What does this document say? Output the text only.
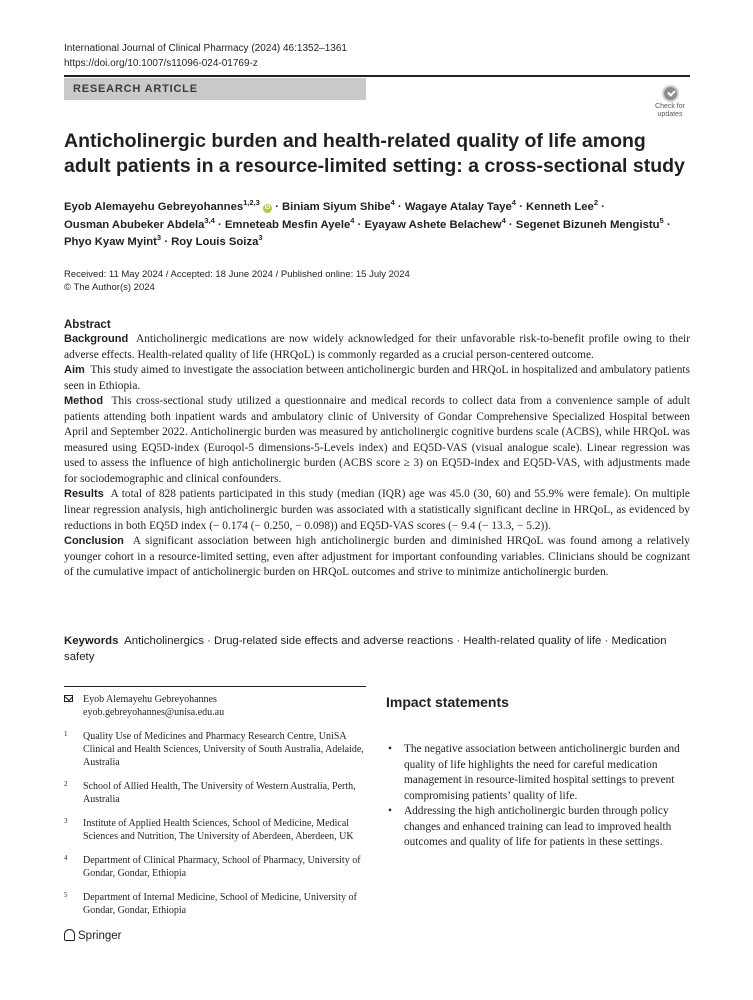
International Journal of Clinical Pharmacy (2024) 46:1352–1361
https://doi.org/10.1007/s11096-024-01769-z
RESEARCH ARTICLE
Check for
updates
Anticholinergic burden and health-related quality of life among adult patients in a resource-limited setting: a cross-sectional study
Eyob Alemayehu Gebreyohannes$^{1,2,3}$ iD · Biniam Siyum Shibe$^4$ · Wagaye Atalay Taye$^4$ · Kenneth Lee$^2$ ·
Ousman Abubeker Abdela$^{3,4}$ · Emneteab Mesfin Ayele$^4$ · Eyayaw Ashete Belachew$^4$ · Segenet Bizuneh Mengistu$^5$ ·
Phyo Kyaw Myint$^3$ · Roy Louis Soiza$^3$
Received: 11 May 2024 / Accepted: 18 June 2024 / Published online: 15 July 2024
© The Author(s) 2024
Abstract

Background Anticholinergic medications are now widely acknowledged for their unfavorable risk-to-benefit profile owing to their adverse effects. Health-related quality of life (HRQoL) is commonly regarded as a crucial person-centered outcome.

Aim This study aimed to investigate the association between anticholinergic burden and HRQoL in hospitalized and ambulatory patients seen in Ethiopia.

Method This cross-sectional study utilized a questionnaire and medical records to collect data from a convenience sample of adult patients attending both inpatient wards and ambulatory clinic of University of Gondar Comprehensive Specialized Hospital between April and September 2022. Anticholinergic burden was measured by anticholinergic cognitive burdens scale (ACBS), while HRQoL was measured using EQ5D-index (Euroqol-5 dimensions-5-Levels index) and EQ5D-VAS (visual analogue scale). Linear regression was used to assess the influence of high anticholinergic burden (ACBS score ≥ 3) on EQ5D-index and EQ5D-VAS, with adjustments made for sociodemographic and clinical confounders.

Results A total of 828 patients participated in this study (median (IQR) age was 45.0 (30, 60) and 55.9% were female). On multiple linear regression analysis, high anticholinergic burden was associated with a statistically significant decline in HRQoL, as evidenced by reductions in both EQ5D index (− 0.174 (− 0.250, − 0.098)) and EQ5D-VAS scores (− 9.4 (− 13.3, − 5.2)).

Conclusion A significant association between high anticholinergic burden and diminished HRQoL was found among a relatively younger cohort in a resource-limited setting, even after adjustment for important confounding variables. Clinicians should be cognizant of the cumulative impact of anticholinergic burden on HRQoL outcomes and strive to minimize anticholinergic burden.

Keywords Anticholinergics · Drug-related side effects and adverse reactions · Health-related quality of life · Medication safety
Eyob Alemayehu Gebreyohannes
eyob.gebreyohannes@unisa.edu.au
1 Quality Use of Medicines and Pharmacy Research Centre, UniSA Clinical and Health Sciences, University of South Australia, Adelaide, Australia
2 School of Allied Health, The University of Western Australia, Perth, Australia
3 Institute of Applied Health Sciences, School of Medicine, Medical Sciences and Nutrition, The University of Aberdeen, Aberdeen, UK
4 Department of Clinical Pharmacy, School of Pharmacy, University of Gondar, Gondar, Ethiopia
5 Department of Internal Medicine, School of Medicine, University of Gondar, Gondar, Ethiopia
Impact statements
• The negative association between anticholinergic burden and quality of life highlights the need for careful medication management in resource-limited hospital settings to prevent compromising patients’ quality of life.
• Addressing the high anticholinergic burden through policy changes and enhanced training can lead to improved health outcomes and quality of life for patients in these settings.
Springer
